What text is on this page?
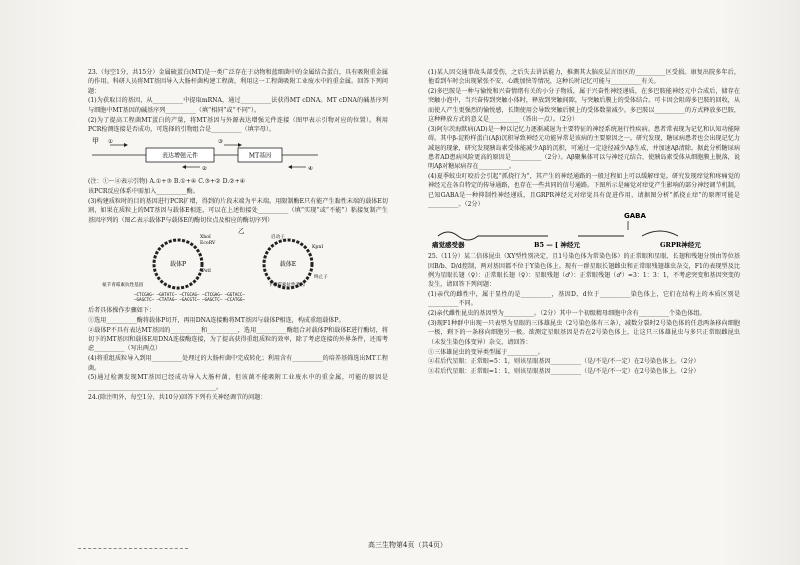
23.（每空1分，共15分）金属硫蛋白(MT)是一类广泛存在于动物和蓝细菌中的金属结合蛋白，具有吸附重金属的作用。科研人员将MT基因导入大肠杆菌构建工程菌，利用这一工程菌吸附工业废水中的重金属。回答下列问题：

(1)为获取目的基因，从__________中提取mRNA，通过__________法获得MT cDNA。MT cDNA的碱基序列与细胞中MT基因的碱基序列__________（填“相同”或“不同”）。

(2)为了提高工程菌MT蛋白的产量，将MT基因与外源表达增强元件连接（图甲表示引物对应的位置）。利用PCR检测连接是否成功，可选择的引物组合是__________（填字母）。

甲
表达增强元件	MT基因
①
②
③
④

(注：①～④表示引物) A.①+③ B.①+④ C.③+② D.②+④

该PCR反应体系中需加入__________酶。

(3)构建质粒时的目的基因进行PCR扩增，得到的片段末端为平末端。用限制酶E只有能产生黏性末端的载体E切割，如果在质粒上的MT基因与载体E相连，可以在上述衔接处__________（填“实现”或“不能”）粘接复制产生基因序列的（图乙表示载体P与载体E的酶切位点及相应的酶切序列）

乙
载体P	载体E
EcoRV
XhoI
KpnI
PstI
启动子
终止子
氨苄青霉素抗性基因	卡那霉素抗性基因
—CTCGAG— —GATATC— —CTGCAG— —CTCGAG— —GGTACC—
—GAGCTC— —CTATAG— —GACGTC— —GAGCTC— —CCATGG—

后者具体操作步骤如下：

①选用__________酶将载体P切开，再用DNA连接酶将MT基因与载体P相连，构成重组载体P。

②载体P不具有表达MT基因的__________和__________，选用__________酶组合对载体P和载体E进行酶切，将切下的MT基因和载体E用DNA连接酶连接，为了提高获得重组质粒的效率，除了考虑连接的外界条件，还需考虑__________（写出两点）

(4)将重组质粒导入到用__________处理过的大肠杆菌中完成转化；利用含有__________的培养基筛选出MT工程菌。

(5)通过检测发现MT基因已经成功导入大肠杆菌，但该菌不能吸附工业废水中的重金属，可能的原因是__________________________________________。

24.(除注明外，每空1分，共10分)回答下列有关神经调节的问题：

(1)某人因交通事故头部受伤，之后失去讲话能力，推测其大脑皮层言语区的__________区受损。康复出院多年后，他看到车时会出现紧张不安、心跳加快等情况，这种长时记忆可能与__________有关。

(2)多巴胺是一种与愉悦和兴奋情绪有关的小分子物质，属于兴奋性神经递质，在多巴胺能神经元中合成后，储存在突触小泡中，当兴奋传到突触小体时，释放到突触间隙，与突触后膜上的受体结合。可卡因会阻碍多巴胺的回收，从而使人产生更强烈的愉悦感，长期使用会导致突触后膜上的受体数量减少。多巴胺以__________的方式释放多巴胺，这种释放方式的意义是__________（答出一点）。（2分）

(3)阿尔茨海默病(AD)是一种以记忆力逐渐减退为主要特征的神经系统退行性疾病。患者常表现为记忆和认知功能障碍。其中β-淀粉样蛋白(Aβ)沉积导致神经元功能异常是该病的主要原因之一。研究发现，糖尿病患者也会出现记忆力减退的现象，研究发现胰岛素受体能减少Aβ的沉积，可通过一定途径减少Aβ生成，并加速Aβ清除。据此分析糖尿病患者AD患病风险更高的原因是__________（2分）。Aβ聚集体可以与神经元结合，使胰岛素受体从细胞膜上脱落，说明Aβ对糖尿病存在__________。

(4)夏季蚊虫叮咬后会引起“抓挠行为”，其产生的神经通路的一般过程如上可以缓解痒觉。研究发现痒觉和疼痛觉的神经元在各自特定的传导通路，也存在一些共同的信号通路。下图所示是痛觉对痒觉产生影响的部分神经调节机制，已知GABA是一种抑制性神经递质，且GRPR神经元对痒觉具有促进作用，请据图分析“抓挠止痒”的原理可能是__________。（2分）

GABA
痛觉感受器	B5 — [ 神经元	GRPR神经元

25.（11分）某二倍体昆虫（XY型性别决定，且1号染色体为常染色体）的正常眼和星眼、长翅和残翅分别由等位基因B/b、D/d控制，两对基因都不位于Y染色体上。现有一群星眼长翅雌虫和正常眼残翅雄虫杂交，F1的表现型及比例为星眼长翅（♀）：正常眼长翅（♀）：星眼残翅（♂）：正常眼残翅（♂）=3：1：3：1，不考虑突变和基因突变的发生，请回答下列问题：

(1)亲代的雌性中，属于显性的是__________，基因D、d位于__________染色体上，它们在结构上的本质区别是__________不同。

(2)亲代雌性昆虫的基因型为__________。（2分）其中一个初级精母细胞中含有__________个染色体组。

(3)现F1种群中出现一只表型为星眼的三体雄昆虫（2号染色体有三条），减数分裂时2号染色体的任意两条移向细胞一极，剩下的一条移向细胞另一极。欲测定星眼基因是否在2号染色体上，让这只三体雄昆虫与多只正常眼雌昆虫（未发生染色体变异）杂交，请回答：

①三体雄昆虫的变异类型属于__________。

②若后代星眼：正常眼=5：1，则该星眼基因__________（是/不是/不一定）在2号染色体上。（2分）

③若后代星眼：正常眼=1：1，则该星眼基因__________（是/不是/不一定）在2号染色体上。（2分）

高三生物第4页（共4页）
